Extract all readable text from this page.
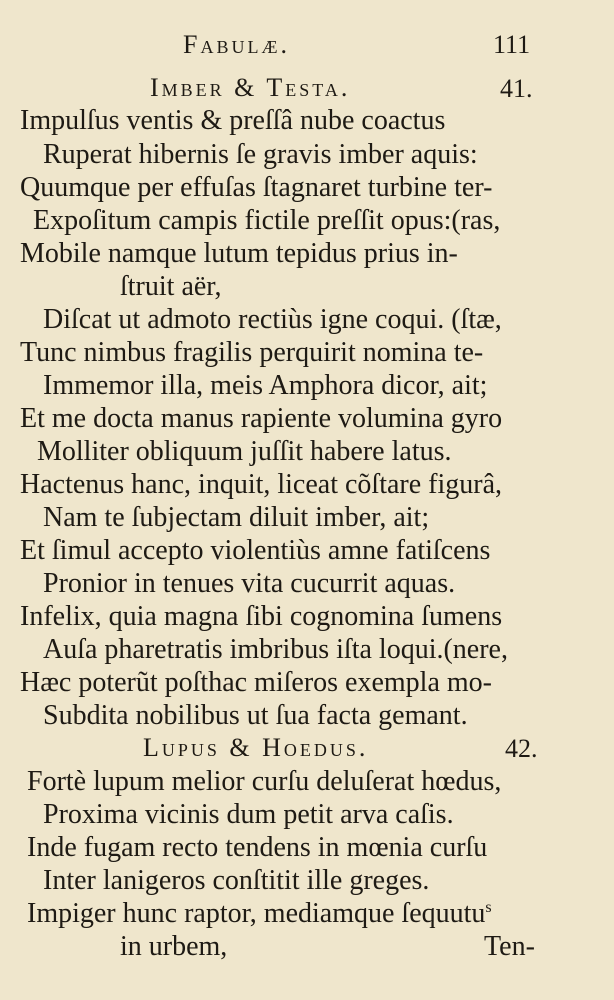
Fabulæ.	111
Imber & Testa.	41.
Impulſus ventis & preſſâ nube coactus
Ruperat hibernis ſe gravis imber aquis:
Quumque per effuſas ſtagnaret turbine ter-
Expoſitum campis fictile preſſit opus:(ras,
Mobile namque lutum tepidus prius in-
ſtruit aër,
Diſcat ut admoto rectiùs igne coqui. (ſtæ,
Tunc nimbus fragilis perquirit nomina te-
Immemor illa, meis Amphora dicor, ait;
Et me docta manus rapiente volumina gyro
Molliter obliquum juſſit habere latus.
Hactenus hanc, inquit, liceat cõſtare figurâ,
Nam te ſubjectam diluit imber, ait;
Et ſimul accepto violentiùs amne fatiſcens
Pronior in tenues vita cucurrit aquas.
Infelix, quia magna ſibi cognomina ſumens
Auſa pharetratis imbribus iſta loqui.(nere,
Hæc poterũt poſthac miſeros exempla mo-
Subdita nobilibus ut ſua facta gemant.
Lupus & Hoedus.	42.
Fortè lupum melior curſu deluſerat hœdus,
Proxima vicinis dum petit arva caſis.
Inde fugam recto tendens in mœnia curſu
Inter lanigeros conſtitit ille greges.
Impiger hunc raptor, mediamque ſequutu$^s$
in urbem,	Ten-
